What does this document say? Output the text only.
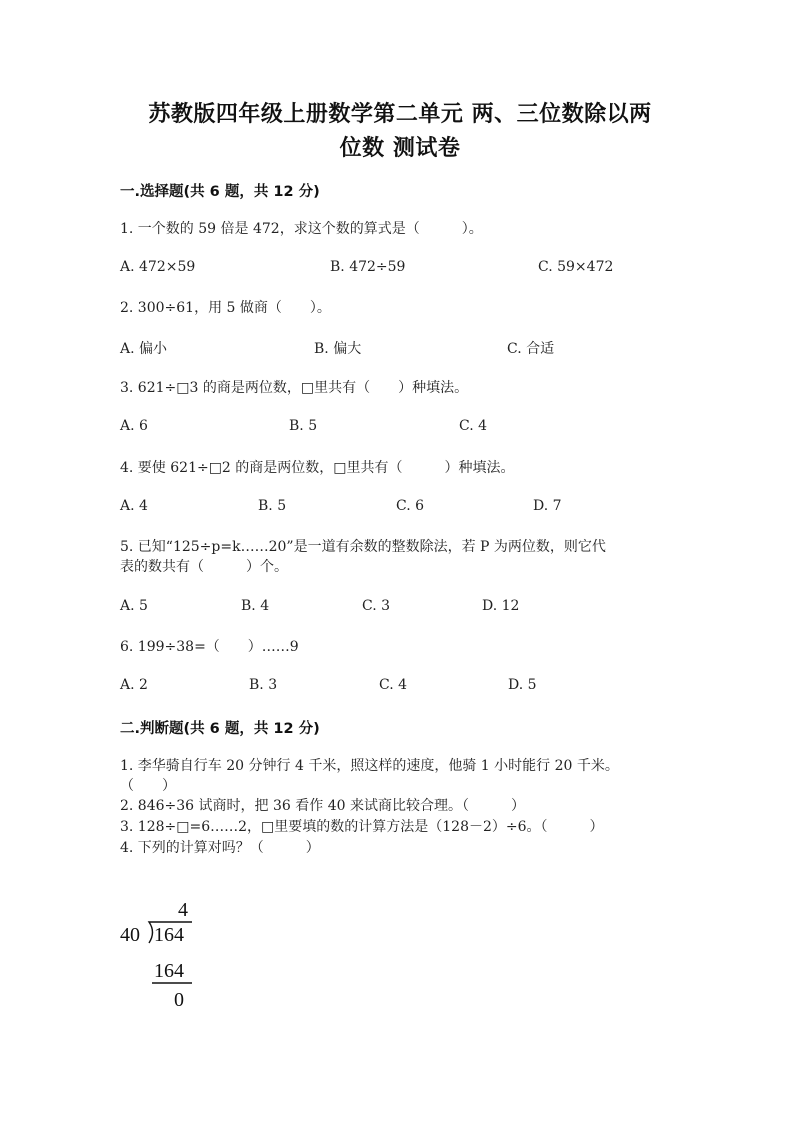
苏教版四年级上册数学第二单元 两、三位数除以两
位数 测试卷
一.选择题(共 6 题，共 12 分)
1. 一个数的 59 倍是 472，求这个数的算式是（　　　）。
A. 472×59	B. 472÷59	C. 59×472
2. 300÷61，用 5 做商（　　）。
A. 偏小	B. 偏大	C. 合适
3. 621÷□3 的商是两位数，□里共有（　　）种填法。
A. 6	B. 5	C. 4
4. 要使 621÷□2 的商是两位数，□里共有（　　　）种填法。
A. 4	B. 5	C. 6	D. 7
5. 已知“125÷p=k……20”是一道有余数的整数除法，若 P 为两位数，则它代
表的数共有（　　　）个。
A. 5	B. 4	C. 3	D. 12
6. 199÷38=（　　）……9
A. 2	B. 3	C. 4	D. 5
二.判断题(共 6 题，共 12 分)
1. 李华骑自行车 20 分钟行 4 千米，照这样的速度，他骑 1 小时能行 20 千米。
（　　）
2. 846÷36 试商时，把 36 看作 40 来试商比较合理。（　　　）
3. 128÷□=6……2，□里要填的数的计算方法是（128－2）÷6。（　　　）
4. 下列的计算对吗？（　　　）
4
40 164
164
0
